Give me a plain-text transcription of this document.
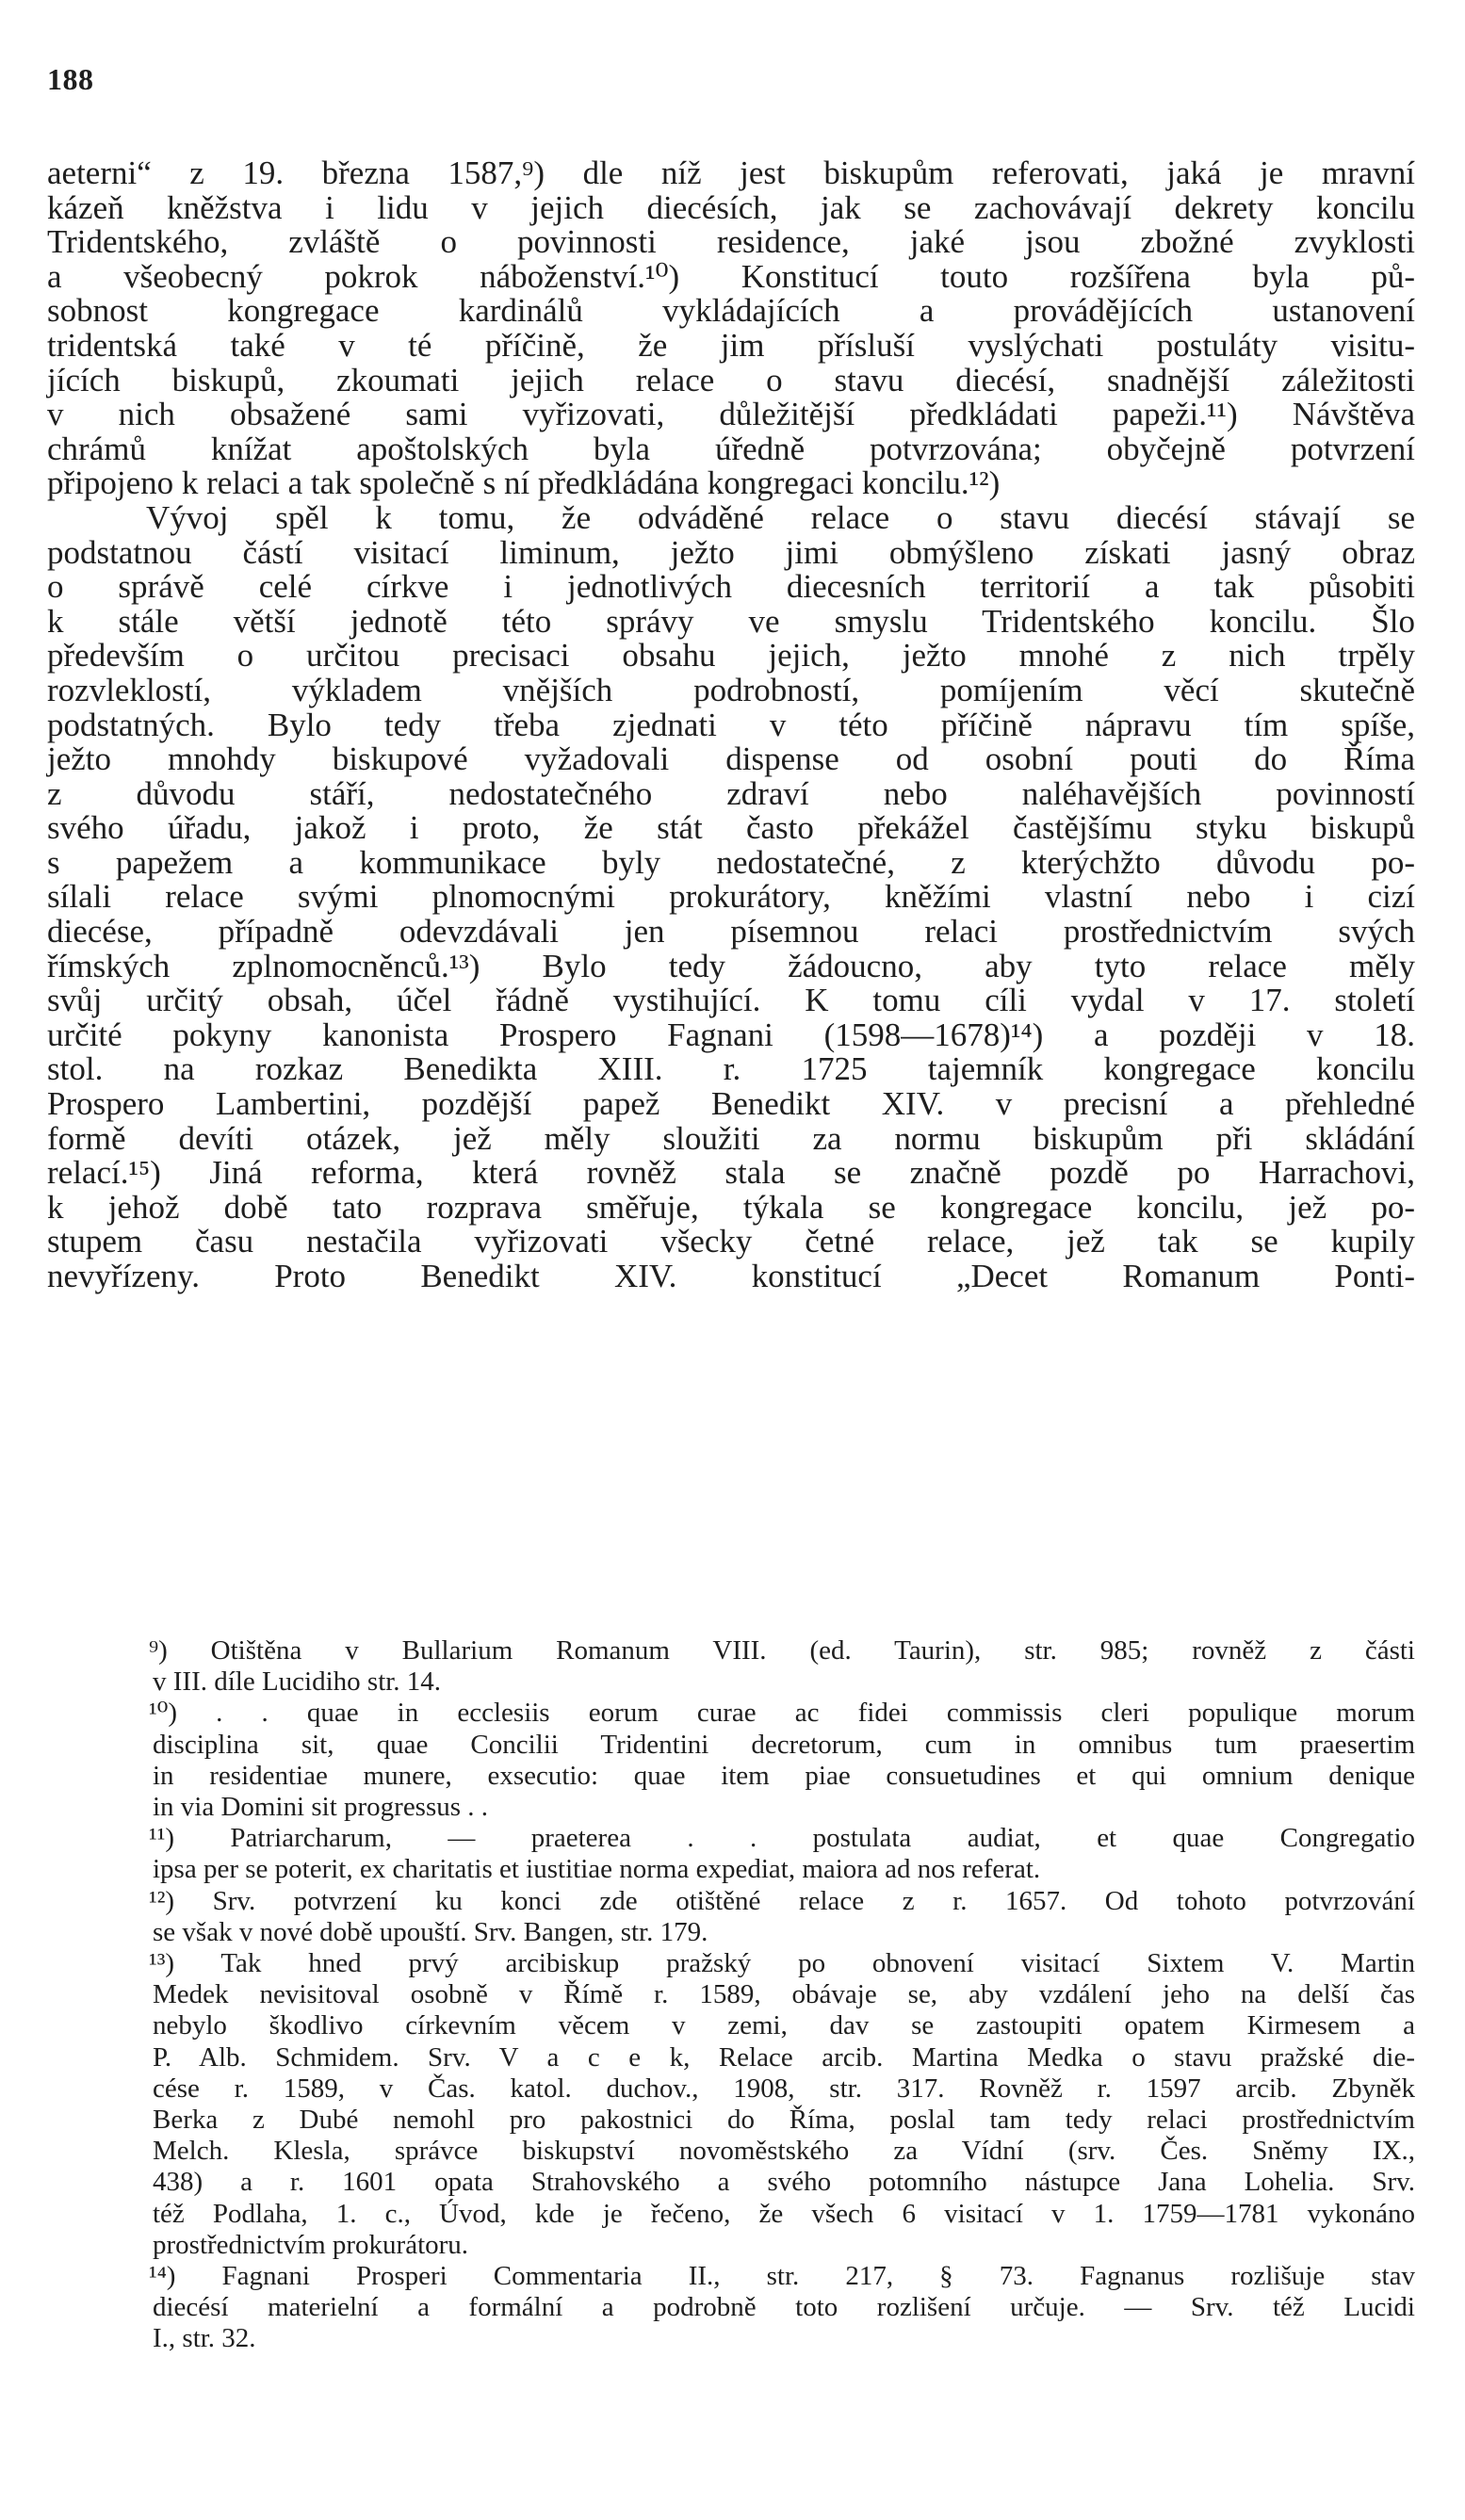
188

aeterni“ z 19. března 1587,⁹) dle níž jest biskupům referovati, jaká je mravní
kázeň kněžstva i lidu v jejich diecésích, jak se zachovávají dekrety koncilu
Tridentského, zvláště o povinnosti residence, jaké jsou zbožné zvyklosti
a všeobecný pokrok náboženství.¹⁰) Konstitucí touto rozšířena byla pů-
sobnost kongregace kardinálů vykládajících a provádějících ustanovení
tridentská také v té příčině, že jim přísluší vyslýchati postuláty visitu-
jících biskupů, zkoumati jejich relace o stavu diecésí, snadnější záležitosti
v nich obsažené sami vyřizovati, důležitější předkládati papeži.¹¹) Návštěva
chrámů knížat apoštolských byla úředně potvrzována; obyčejně potvrzení
připojeno k relaci a tak společně s ní předkládána kongregaci koncilu.¹²)

Vývoj spěl k tomu, že odváděné relace o stavu diecésí stávají se
podstatnou částí visitací liminum, ježto jimi obmýšleno získati jasný obraz
o správě celé církve i jednotlivých diecesních territorií a tak působiti
k stále větší jednotě této správy ve smyslu Tridentského koncilu. Šlo
především o určitou precisaci obsahu jejich, ježto mnohé z nich trpěly
rozvleklostí, výkladem vnějších podrobností, pomíjením věcí skutečně
podstatných. Bylo tedy třeba zjednati v této příčině nápravu tím spíše,
ježto mnohdy biskupové vyžadovali dispense od osobní pouti do Říma
z důvodu stáří, nedostatečného zdraví nebo naléhavějších povinností
svého úřadu, jakož i proto, že stát často překážel častějšímu styku biskupů
s papežem a kommunikace byly nedostatečné, z kterýchžto důvodu po-
sílali relace svými plnomocnými prokurátory, kněžími vlastní nebo i cizí
diecése, případně odevzdávali jen písemnou relaci prostřednictvím svých
římských zplnomocněnců.¹³) Bylo tedy žádoucno, aby tyto relace měly
svůj určitý obsah, účel řádně vystihující. K tomu cíli vydal v 17. století
určité pokyny kanonista Prospero Fagnani (1598—1678)¹⁴) a později v 18.
stol. na rozkaz Benedikta XIII. r. 1725 tajemník kongregace koncilu
Prospero Lambertini, pozdější papež Benedikt XIV. v precisní a přehledné
formě devíti otázek, jež měly sloužiti za normu biskupům při skládání
relací.¹⁵) Jiná reforma, která rovněž stala se značně pozdě po Harrachovi,
k jehož době tato rozprava směřuje, týkala se kongregace koncilu, jež po-
stupem času nestačila vyřizovati všecky četné relace, jež tak se kupily
nevyřízeny. Proto Benedikt XIV. konstitucí „Decet Romanum Ponti-

⁹) Otištěna v Bullarium Romanum VIII. (ed. Taurin), str. 985; rovněž z části
v III. díle Lucidiho str. 14.

¹⁰) . . quae in ecclesiis eorum curae ac fidei commissis cleri populique morum
disciplina sit, quae Concilii Tridentini decretorum, cum in omnibus tum praesertim
in residentiae munere, exsecutio: quae item piae consuetudines et qui omnium denique
in via Domini sit progressus . .

¹¹) Patriarcharum, — praeterea . . postulata audiat, et quae Congregatio
ipsa per se poterit, ex charitatis et iustitiae norma expediat, maiora ad nos referat.

¹²) Srv. potvrzení ku konci zde otištěné relace z r. 1657. Od tohoto potvrzování
se však v nové době upouští. Srv. Bangen, str. 179.

¹³) Tak hned prvý arcibiskup pražský po obnovení visitací Sixtem V. Martin
Medek nevisitoval osobně v Římě r. 1589, obávaje se, aby vzdálení jeho na delší čas
nebylo škodlivo církevním věcem v zemi, dav se zastoupiti opatem Kirmesem a
P. Alb. Schmidem. Srv. V a c e k, Relace arcib. Martina Medka o stavu pražské die-
cése r. 1589, v Čas. katol. duchov., 1908, str. 317. Rovněž r. 1597 arcib. Zbyněk
Berka z Dubé nemohl pro pakostnici do Říma, poslal tam tedy relaci prostřednictvím
Melch. Klesla, správce biskupství novoměstského za Vídní (srv. Čes. Sněmy IX.,
438) a r. 1601 opata Strahovského a svého potomního nástupce Jana Lohelia. Srv.
též Podlaha, 1. c., Úvod, kde je řečeno, že všech 6 visitací v 1. 1759—1781 vykonáno
prostřednictvím prokurátoru.

¹⁴) Fagnani Prosperi Commentaria II., str. 217, § 73. Fagnanus rozlišuje stav
diecésí materielní a formální a podrobně toto rozlišení určuje. — Srv. též Lucidi
I., str. 32.
